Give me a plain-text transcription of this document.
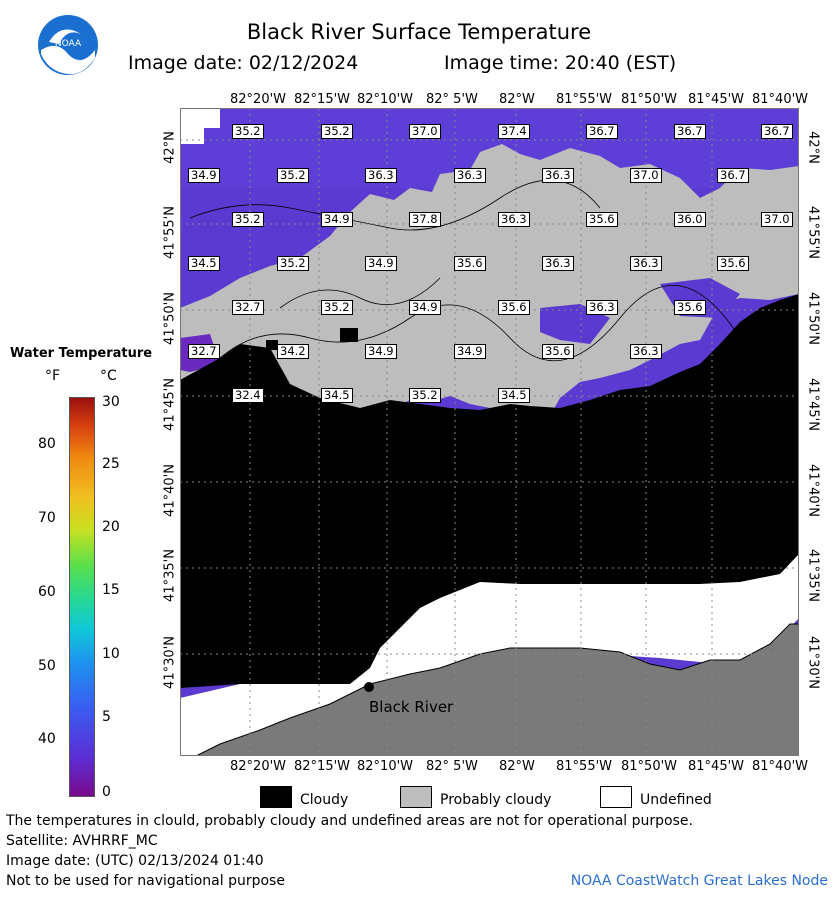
NOAA	Black River Surface Temperature
Image date: 02/12/2024	Image time: 20:40 (EST)
35.2	35.2	37.0	37.4	36.7	36.7	36.7
34.9	35.2	36.3	36.3	36.3	37.0	36.7
35.2	34.9	37.8	36.3	35.6	36.0	37.0
34.5	35.2	34.9	35.6	36.3	36.3	35.6
32.7	35.2	34.9	35.6	36.3	35.6
32.7	34.2	34.9	34.9	35.6	36.3
32.4	34.5	35.2	34.5
Black River
82°20'W 82°15'W 82°10'W 82° 5'W 82°W 81°55'W 81°50'W 81°45'W 81°40'W
82°20'W 82°15'W 82°10'W 82° 5'W 82°W 81°55'W 81°50'W 81°45'W 81°40'W
42°N
41°55'N
41°50'N
41°45'N
41°40'N
41°35'N
41°30'N
42°N
41°55'N
41°50'N
41°45'N
41°40'N
41°35'N
41°30'N
Water Temperature
°F	°C
80
70
60
50
40
30
25
20
15
10
5
0	Cloudy	Probably cloudy	Undefined
The temperatures in clould, probably cloudy and undefined areas are not for operational purpose.
Satellite: AVHRRF_MC
Image date: (UTC) 02/13/2024 01:40
Not to be used for navigational purpose	NOAA CoastWatch Great Lakes Node
